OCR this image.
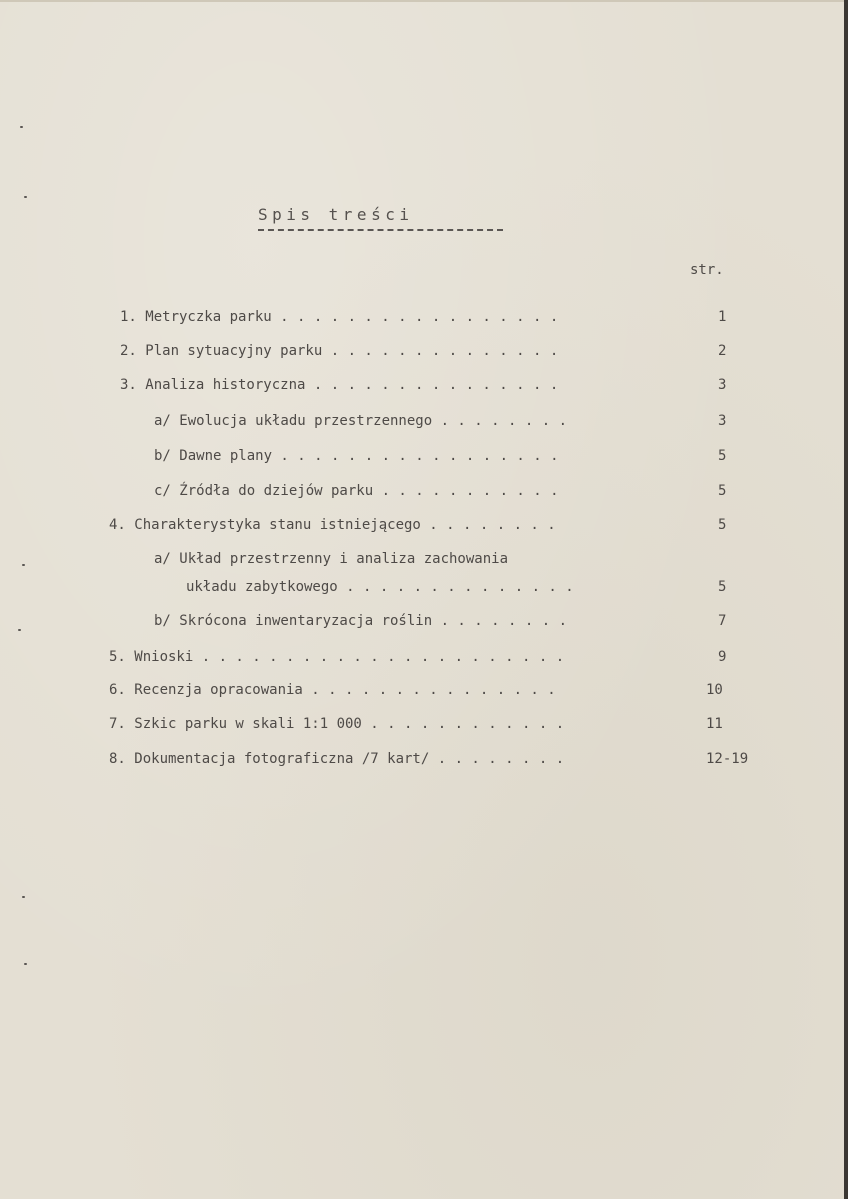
Spis treści
str.
1. Metryczka parku . . . . . . . . . . . . . . . . .	1
2. Plan sytuacyjny parku . . . . . . . . . . . . . .	2
3. Analiza historyczna . . . . . . . . . . . . . . .	3
a/ Ewolucja układu przestrzennego . . . . . . . .	3
b/ Dawne plany . . . . . . . . . . . . . . . . .	5
c/ Źródła do dziejów parku . . . . . . . . . . .	5
4. Charakterystyka stanu istniejącego . . . . . . . .	5
a/ Układ przestrzenny i analiza zachowania
układu zabytkowego . . . . . . . . . . . . . .	5
b/ Skrócona inwentaryzacja roślin . . . . . . . .	7
5. Wnioski . . . . . . . . . . . . . . . . . . . . . .	9
6. Recenzja opracowania . . . . . . . . . . . . . . .	10
7. Szkic parku w skali 1:1 000 . . . . . . . . . . . .	11
8. Dokumentacja fotograficzna /7 kart/ . . . . . . . .	12-19
